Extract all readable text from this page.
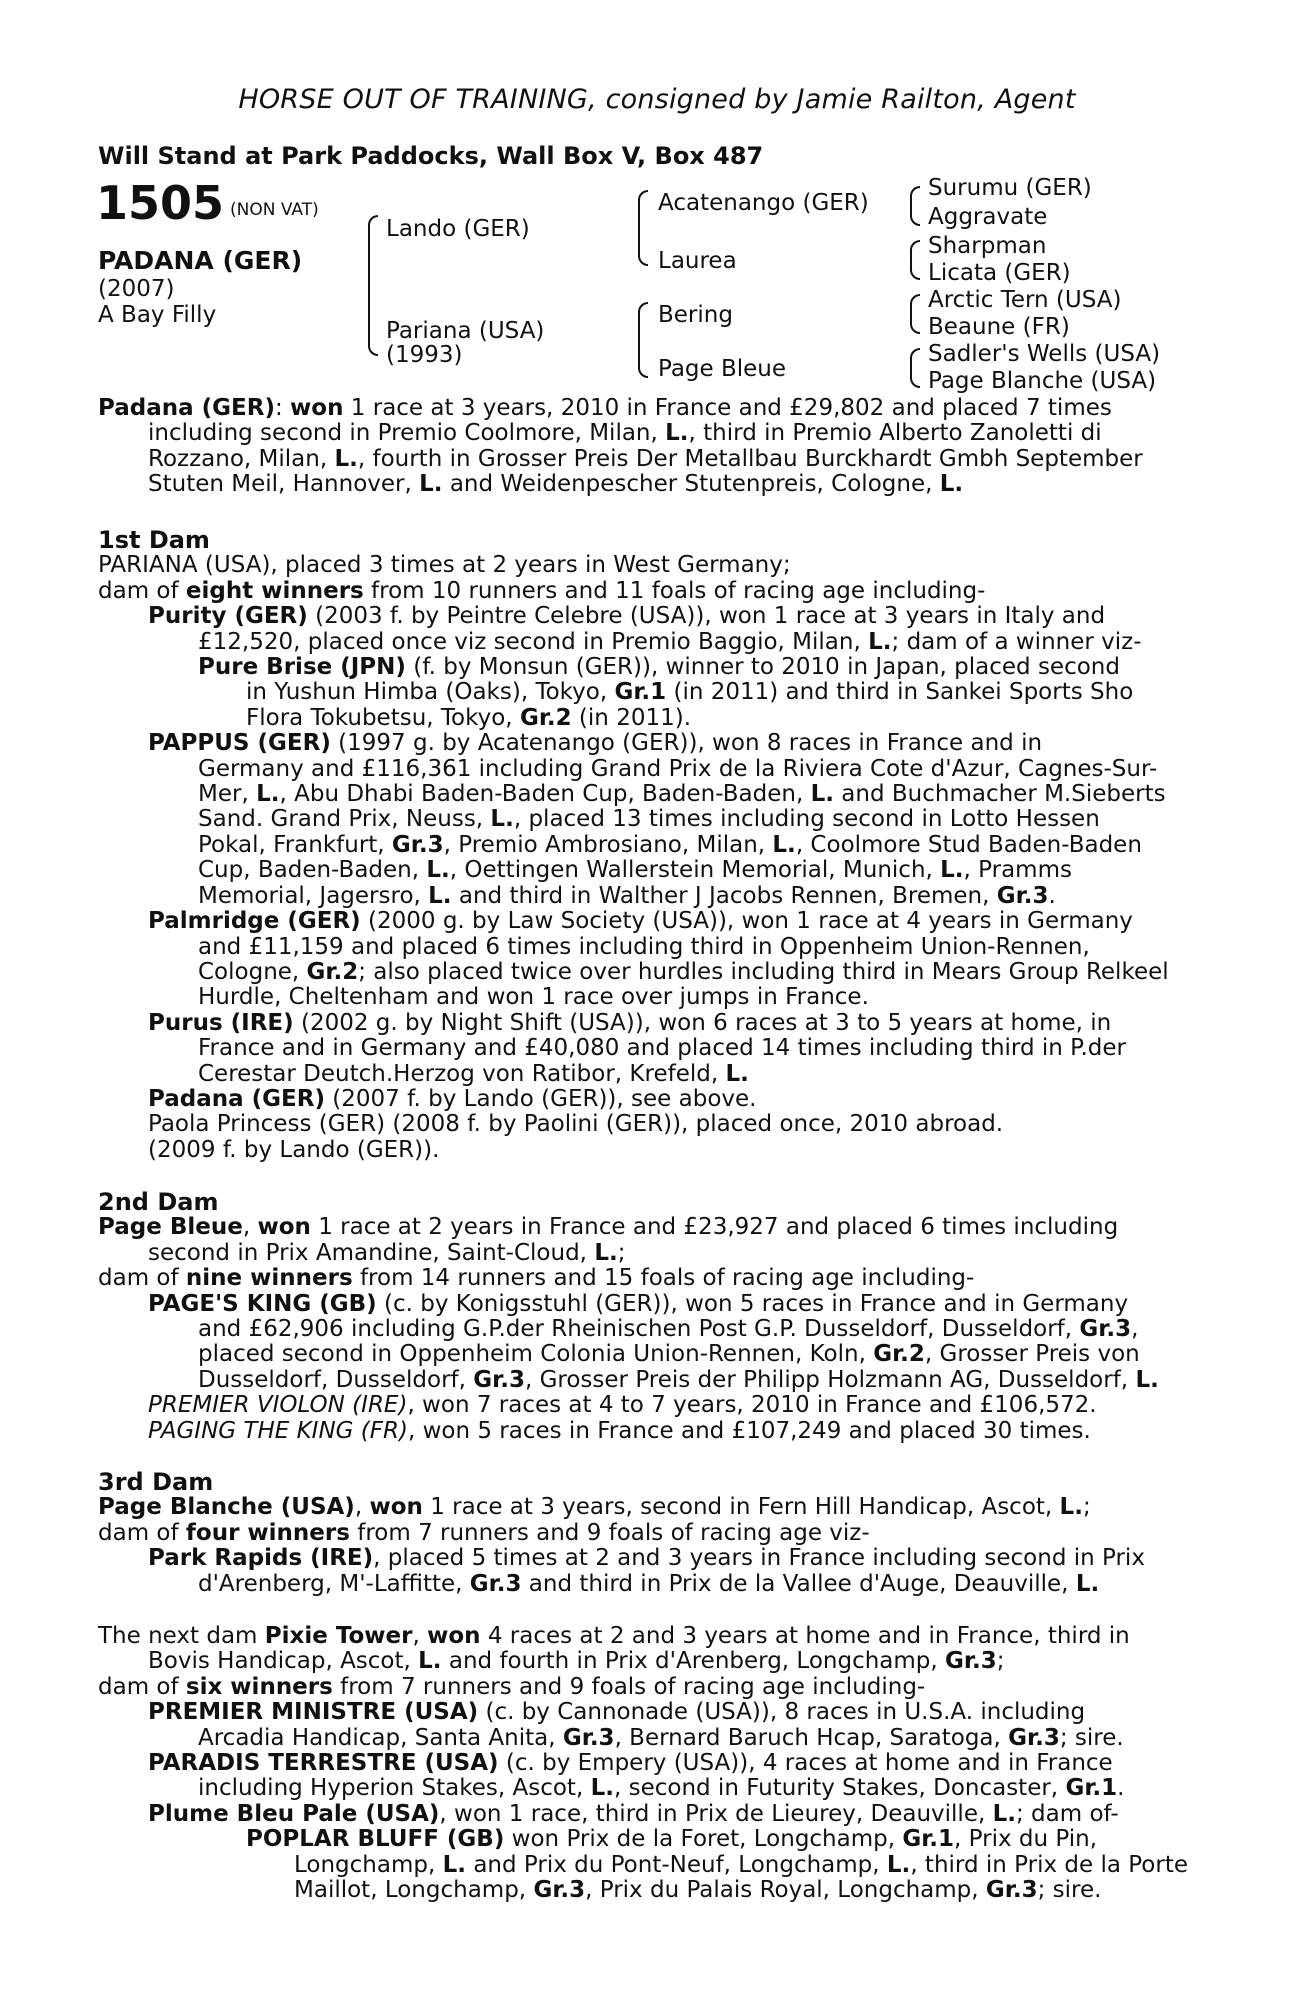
HORSE OUT OF TRAINING, consigned by Jamie Railton, Agent
Will Stand at Park Paddocks, Wall Box V, Box 487
1505 (NON VAT)
PADANA (GER)
(2007)
A Bay Filly
Lando (GER)
Pariana (USA)
(1993)
Acatenango (GER)
Laurea
Bering
Page Bleue
Surumu (GER)
Aggravate
Sharpman
Licata (GER)
Arctic Tern (USA)
Beaune (FR)
Sadler's Wells (USA)
Page Blanche (USA)

Padana (GER): won 1 race at 3 years, 2010 in France and £29,802 and placed 7 times

including second in Premio Coolmore, Milan, L., third in Premio Alberto Zanoletti di

Rozzano, Milan, L., fourth in Grosser Preis Der Metallbau Burckhardt Gmbh September

Stuten Meil, Hannover, L. and Weidenpescher Stutenpreis, Cologne, L.

1st Dam

PARIANA (USA), placed 3 times at 2 years in West Germany;

dam of eight winners from 10 runners and 11 foals of racing age including-

Purity (GER) (2003 f. by Peintre Celebre (USA)), won 1 race at 3 years in Italy and

£12,520, placed once viz second in Premio Baggio, Milan, L.; dam of a winner viz-

Pure Brise (JPN) (f. by Monsun (GER)), winner to 2010 in Japan, placed second

in Yushun Himba (Oaks), Tokyo, Gr.1 (in 2011) and third in Sankei Sports Sho

Flora Tokubetsu, Tokyo, Gr.2 (in 2011).

PAPPUS (GER) (1997 g. by Acatenango (GER)), won 8 races in France and in

Germany and £116,361 including Grand Prix de la Riviera Cote d'Azur, Cagnes-Sur-

Mer, L., Abu Dhabi Baden-Baden Cup, Baden-Baden, L. and Buchmacher M.Sieberts

Sand. Grand Prix, Neuss, L., placed 13 times including second in Lotto Hessen

Pokal, Frankfurt, Gr.3, Premio Ambrosiano, Milan, L., Coolmore Stud Baden-Baden

Cup, Baden-Baden, L., Oettingen Wallerstein Memorial, Munich, L., Pramms

Memorial, Jagersro, L. and third in Walther J Jacobs Rennen, Bremen, Gr.3.

Palmridge (GER) (2000 g. by Law Society (USA)), won 1 race at 4 years in Germany

and £11,159 and placed 6 times including third in Oppenheim Union-Rennen,

Cologne, Gr.2; also placed twice over hurdles including third in Mears Group Relkeel

Hurdle, Cheltenham and won 1 race over jumps in France.

Purus (IRE) (2002 g. by Night Shift (USA)), won 6 races at 3 to 5 years at home, in

France and in Germany and £40,080 and placed 14 times including third in P.der

Cerestar Deutch.Herzog von Ratibor, Krefeld, L.

Padana (GER) (2007 f. by Lando (GER)), see above.

Paola Princess (GER) (2008 f. by Paolini (GER)), placed once, 2010 abroad.

(2009 f. by Lando (GER)).

2nd Dam

Page Bleue, won 1 race at 2 years in France and £23,927 and placed 6 times including

second in Prix Amandine, Saint-Cloud, L.;

dam of nine winners from 14 runners and 15 foals of racing age including-

PAGE'S KING (GB) (c. by Konigsstuhl (GER)), won 5 races in France and in Germany

and £62,906 including G.P.der Rheinischen Post G.P. Dusseldorf, Dusseldorf, Gr.3,

placed second in Oppenheim Colonia Union-Rennen, Koln, Gr.2, Grosser Preis von

Dusseldorf, Dusseldorf, Gr.3, Grosser Preis der Philipp Holzmann AG, Dusseldorf, L.

PREMIER VIOLON (IRE), won 7 races at 4 to 7 years, 2010 in France and £106,572.

PAGING THE KING (FR), won 5 races in France and £107,249 and placed 30 times.

3rd Dam

Page Blanche (USA), won 1 race at 3 years, second in Fern Hill Handicap, Ascot, L.;

dam of four winners from 7 runners and 9 foals of racing age viz-

Park Rapids (IRE), placed 5 times at 2 and 3 years in France including second in Prix

d'Arenberg, M'-Laffitte, Gr.3 and third in Prix de la Vallee d'Auge, Deauville, L.

The next dam Pixie Tower, won 4 races at 2 and 3 years at home and in France, third in

Bovis Handicap, Ascot, L. and fourth in Prix d'Arenberg, Longchamp, Gr.3;

dam of six winners from 7 runners and 9 foals of racing age including-

PREMIER MINISTRE (USA) (c. by Cannonade (USA)), 8 races in U.S.A. including

Arcadia Handicap, Santa Anita, Gr.3, Bernard Baruch Hcap, Saratoga, Gr.3; sire.

PARADIS TERRESTRE (USA) (c. by Empery (USA)), 4 races at home and in France

including Hyperion Stakes, Ascot, L., second in Futurity Stakes, Doncaster, Gr.1.

Plume Bleu Pale (USA), won 1 race, third in Prix de Lieurey, Deauville, L.; dam of-

POPLAR BLUFF (GB) won Prix de la Foret, Longchamp, Gr.1, Prix du Pin,

Longchamp, L. and Prix du Pont-Neuf, Longchamp, L., third in Prix de la Porte

Maillot, Longchamp, Gr.3, Prix du Palais Royal, Longchamp, Gr.3; sire.
